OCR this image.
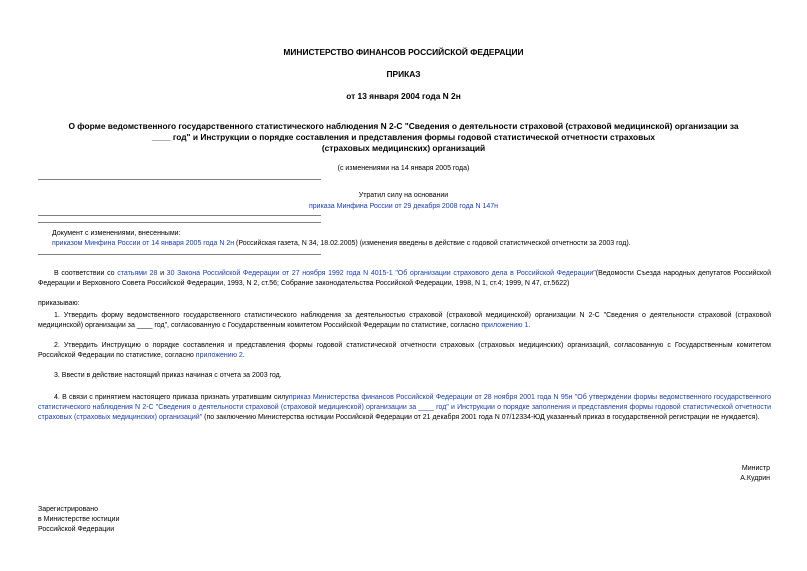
МИНИСТЕРСТВО ФИНАНСОВ РОССИЙСКОЙ ФЕДЕРАЦИИ
ПРИКАЗ
от 13 января 2004 года N 2н
О форме ведомственного государственного статистического наблюдения N 2-С "Сведения о деятельности страховой (страховой медицинской) организации за
____ год" и Инструкции о порядке составления и представления формы годовой статистической отчетности страховых
(страховых медицинских) организаций
(с изменениями на 14 января 2005 года)
Утратил силу на основании
приказа Минфина России от 29 декабря 2008 года N 147н
Документ с изменениями, внесенными:
приказом Минфина России от 14 января 2005 года N 2н (Российская газета, N 34, 18.02.2005) (изменения введены в действие с годовой статистической отчетности за 2003 год).
В соответствии со статьями 28 и 30 Закона Российской Федерации от 27 ноября 1992 года N 4015-1 "Об организации страхового дела в Российской Федерации"(Ведомости Съезда народных депутатов Российской Федерации и Верховного Совета Российской Федерации, 1993, N 2, ст.56; Собрание законодательства Российской Федерации, 1998, N 1, ст.4; 1999, N 47, ст.5622)
приказываю:
1. Утвердить форму ведомственного государственного статистического наблюдения за деятельностью страховой (страховой медицинской) организации N 2-С "Сведения о деятельности страховой (страховой медицинской) организации за ____ год", согласованную с Государственным комитетом Российской Федерации по статистике, согласно приложению 1.
2. Утвердить Инструкцию о порядке составления и представления формы годовой статистической отчетности страховых (страховых медицинских) организаций, согласованную с Государственным комитетом Российской Федерации по статистике, согласно приложению 2.
3. Ввести в действие настоящий приказ начиная с отчета за 2003 год.
4. В связи с принятием настоящего приказа признать утратившим силуприказ Министерства финансов Российской Федерации от 28 ноября 2001 года N 95н "Об утверждении формы ведомственного государственного статистического наблюдения N 2-С "Сведения о деятельности страховой (страховой медицинской) организации за ____ год" и Инструкции о порядке заполнения и представления формы годовой статистической отчетности страховых (страховых медицинских) организаций" (по заключению Министерства юстиции Российской Федерации от 21 декабря 2001 года N 07/12334-ЮД указанный приказ в государственной регистрации не нуждается).
Министр
А.Кудрин
Зарегистрировано
в Министерстве юстиции
Российской Федерации
